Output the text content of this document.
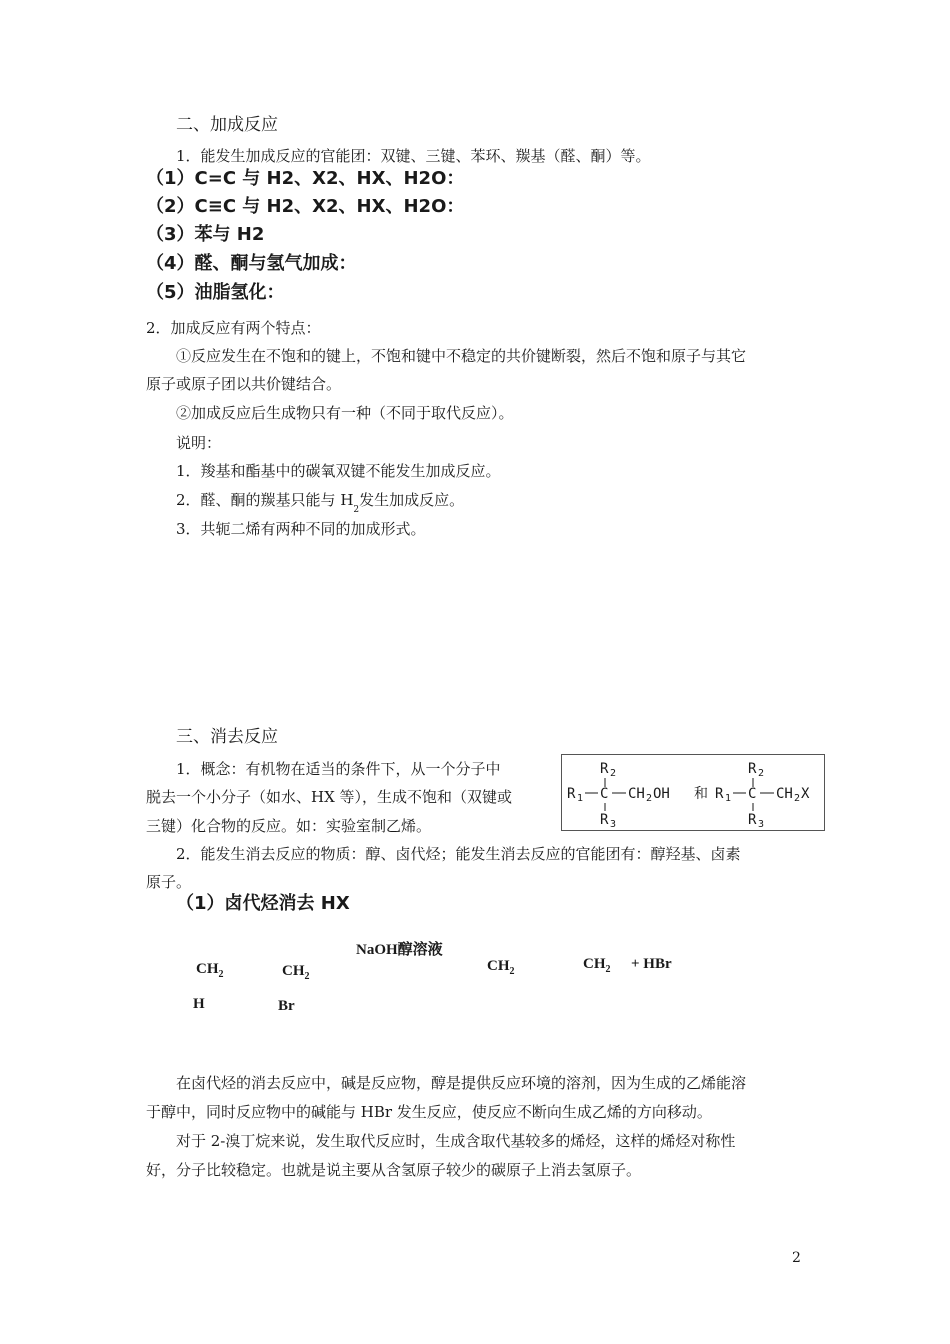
二、加成反应
1．能发生加成反应的官能团：双键、三键、苯环、羰基（醛、酮）等。
（1）C=C 与 H2、X2、HX、H2O：
（2）C≡C 与 H2、X2、HX、H2O：
（3）苯与 H2
（4）醛、酮与氢气加成：
（5）油脂氢化：
2．加成反应有两个特点：
①反应发生在不饱和的键上，不饱和键中不稳定的共价键断裂，然后不饱和原子与其它
原子或原子团以共价键结合。
②加成反应后生成物只有一种（不同于取代反应）。
说明：
1．羧基和酯基中的碳氧双键不能发生加成反应。
2．醛、酮的羰基只能与 $H_2$发生加成反应。
3．共轭二烯有两种不同的加成形式。
三、消去反应
1．概念：有机物在适当的条件下，从一个分子中
脱去一个小分子（如水、HX 等），生成不饱和（双键或
三键）化合物的反应。如：实验室制乙烯。
R 2
R 1 C CH 2 OH
R 3
和
R 2
R 1 C CH 2 X
R 3
2．能发生消去反应的物质：醇、卤代烃；能发生消去反应的官能团有：醇羟基、卤素
原子。
（1）卤代烃消去 HX
NaOH醇溶液
$CH_2$	$CH_2$
$CH_2$	$CH_2$ + HBr
H	Br
在卤代烃的消去反应中，碱是反应物，醇是提供反应环境的溶剂，因为生成的乙烯能溶
于醇中，同时反应物中的碱能与 HBr 发生反应，使反应不断向生成乙烯的方向移动。
对于 2-溴丁烷来说，发生取代反应时，生成含取代基较多的烯烃，这样的烯烃对称性
好，分子比较稳定。也就是说主要从含氢原子较少的碳原子上消去氢原子。
2
